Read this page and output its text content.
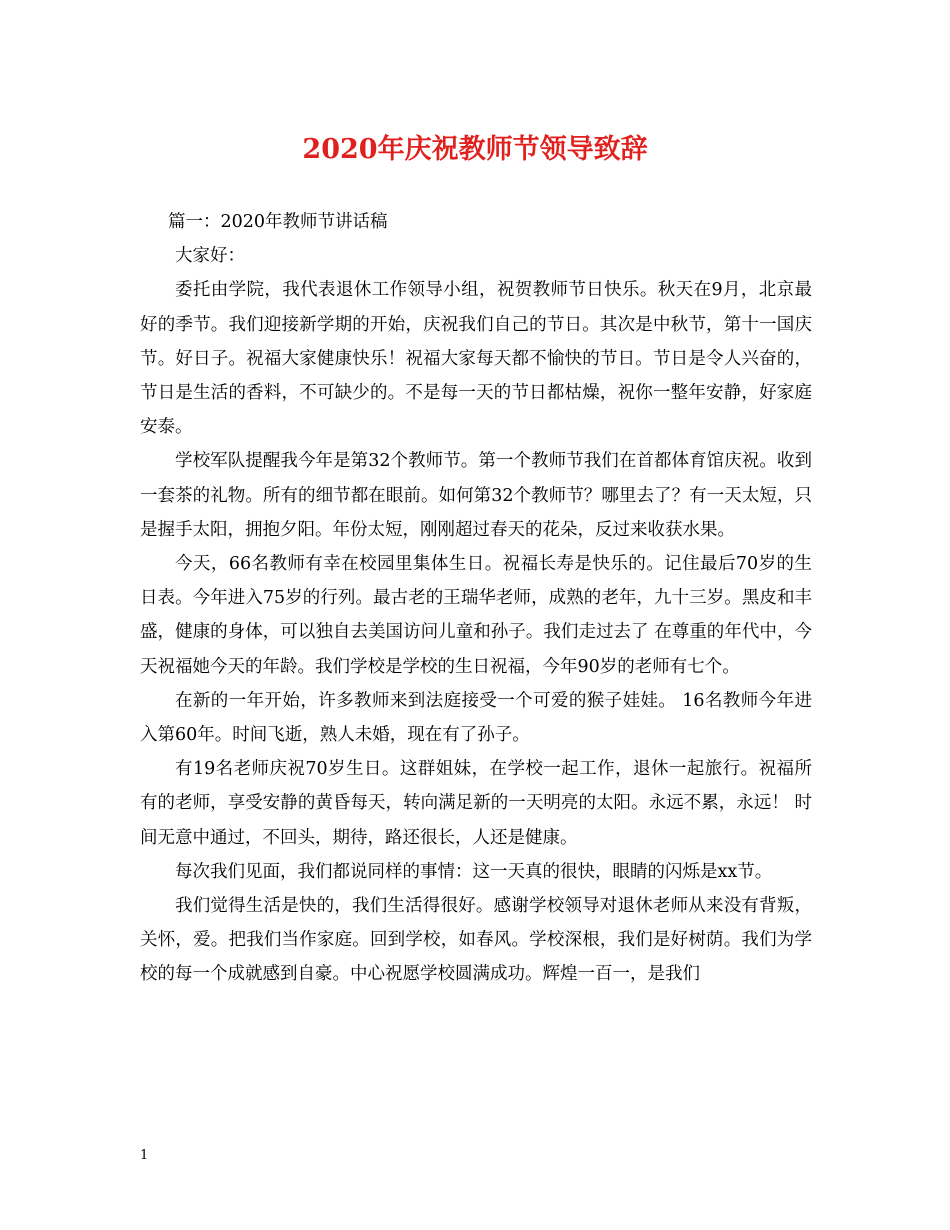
2020年庆祝教师节领导致辞

篇一：2020年教师节讲话稿

大家好：

委托由学院，我代表退休工作领导小组，祝贺教师节日快乐。秋天在9月，北京最好的季节。我们迎接新学期的开始，庆祝我们自己的节日。其次是中秋节，第十一国庆节。好日子。祝福大家健康快乐！祝福大家每天都不愉快的节日。节日是令人兴奋的，节日是生活的香料，不可缺少的。不是每一天的节日都枯燥，祝你一整年安静，好家庭安泰。

学校军队提醒我今年是第32个教师节。第一个教师节我们在首都体育馆庆祝。收到一套茶的礼物。所有的细节都在眼前。如何第32个教师节？哪里去了？有一天太短，只是握手太阳，拥抱夕阳。年份太短，刚刚超过春天的花朵，反过来收获水果。

今天，66名教师有幸在校园里集体生日。祝福长寿是快乐的。记住最后70岁的生日表。今年进入75岁的行列。最古老的王瑞华老师，成熟的老年，九十三岁。黑皮和丰盛，健康的身体，可以独自去美国访问儿童和孙子。我们走过去了 在尊重的年代中，今天祝福她今天的年龄。我们学校是学校的生日祝福，今年90岁的老师有七个。

在新的一年开始，许多教师来到法庭接受一个可爱的猴子娃娃。 16名教师今年进入第60年。时间飞逝，熟人未婚，现在有了孙子。

有19名老师庆祝70岁生日。这群姐妹，在学校一起工作，退休一起旅行。祝福所有的老师，享受安静的黄昏每天，转向满足新的一天明亮的太阳。永远不累，永远！ 时间无意中通过，不回头，期待，路还很长，人还是健康。

每次我们见面，我们都说同样的事情：这一天真的很快，眼睛的闪烁是xx节。

我们觉得生活是快的，我们生活得很好。感谢学校领导对退休老师从来没有背叛，关怀，爱。把我们当作家庭。回到学校，如春风。学校深根，我们是好树荫。我们为学校的每一个成就感到自豪。中心祝愿学校圆满成功。辉煌一百一，是我们

1
